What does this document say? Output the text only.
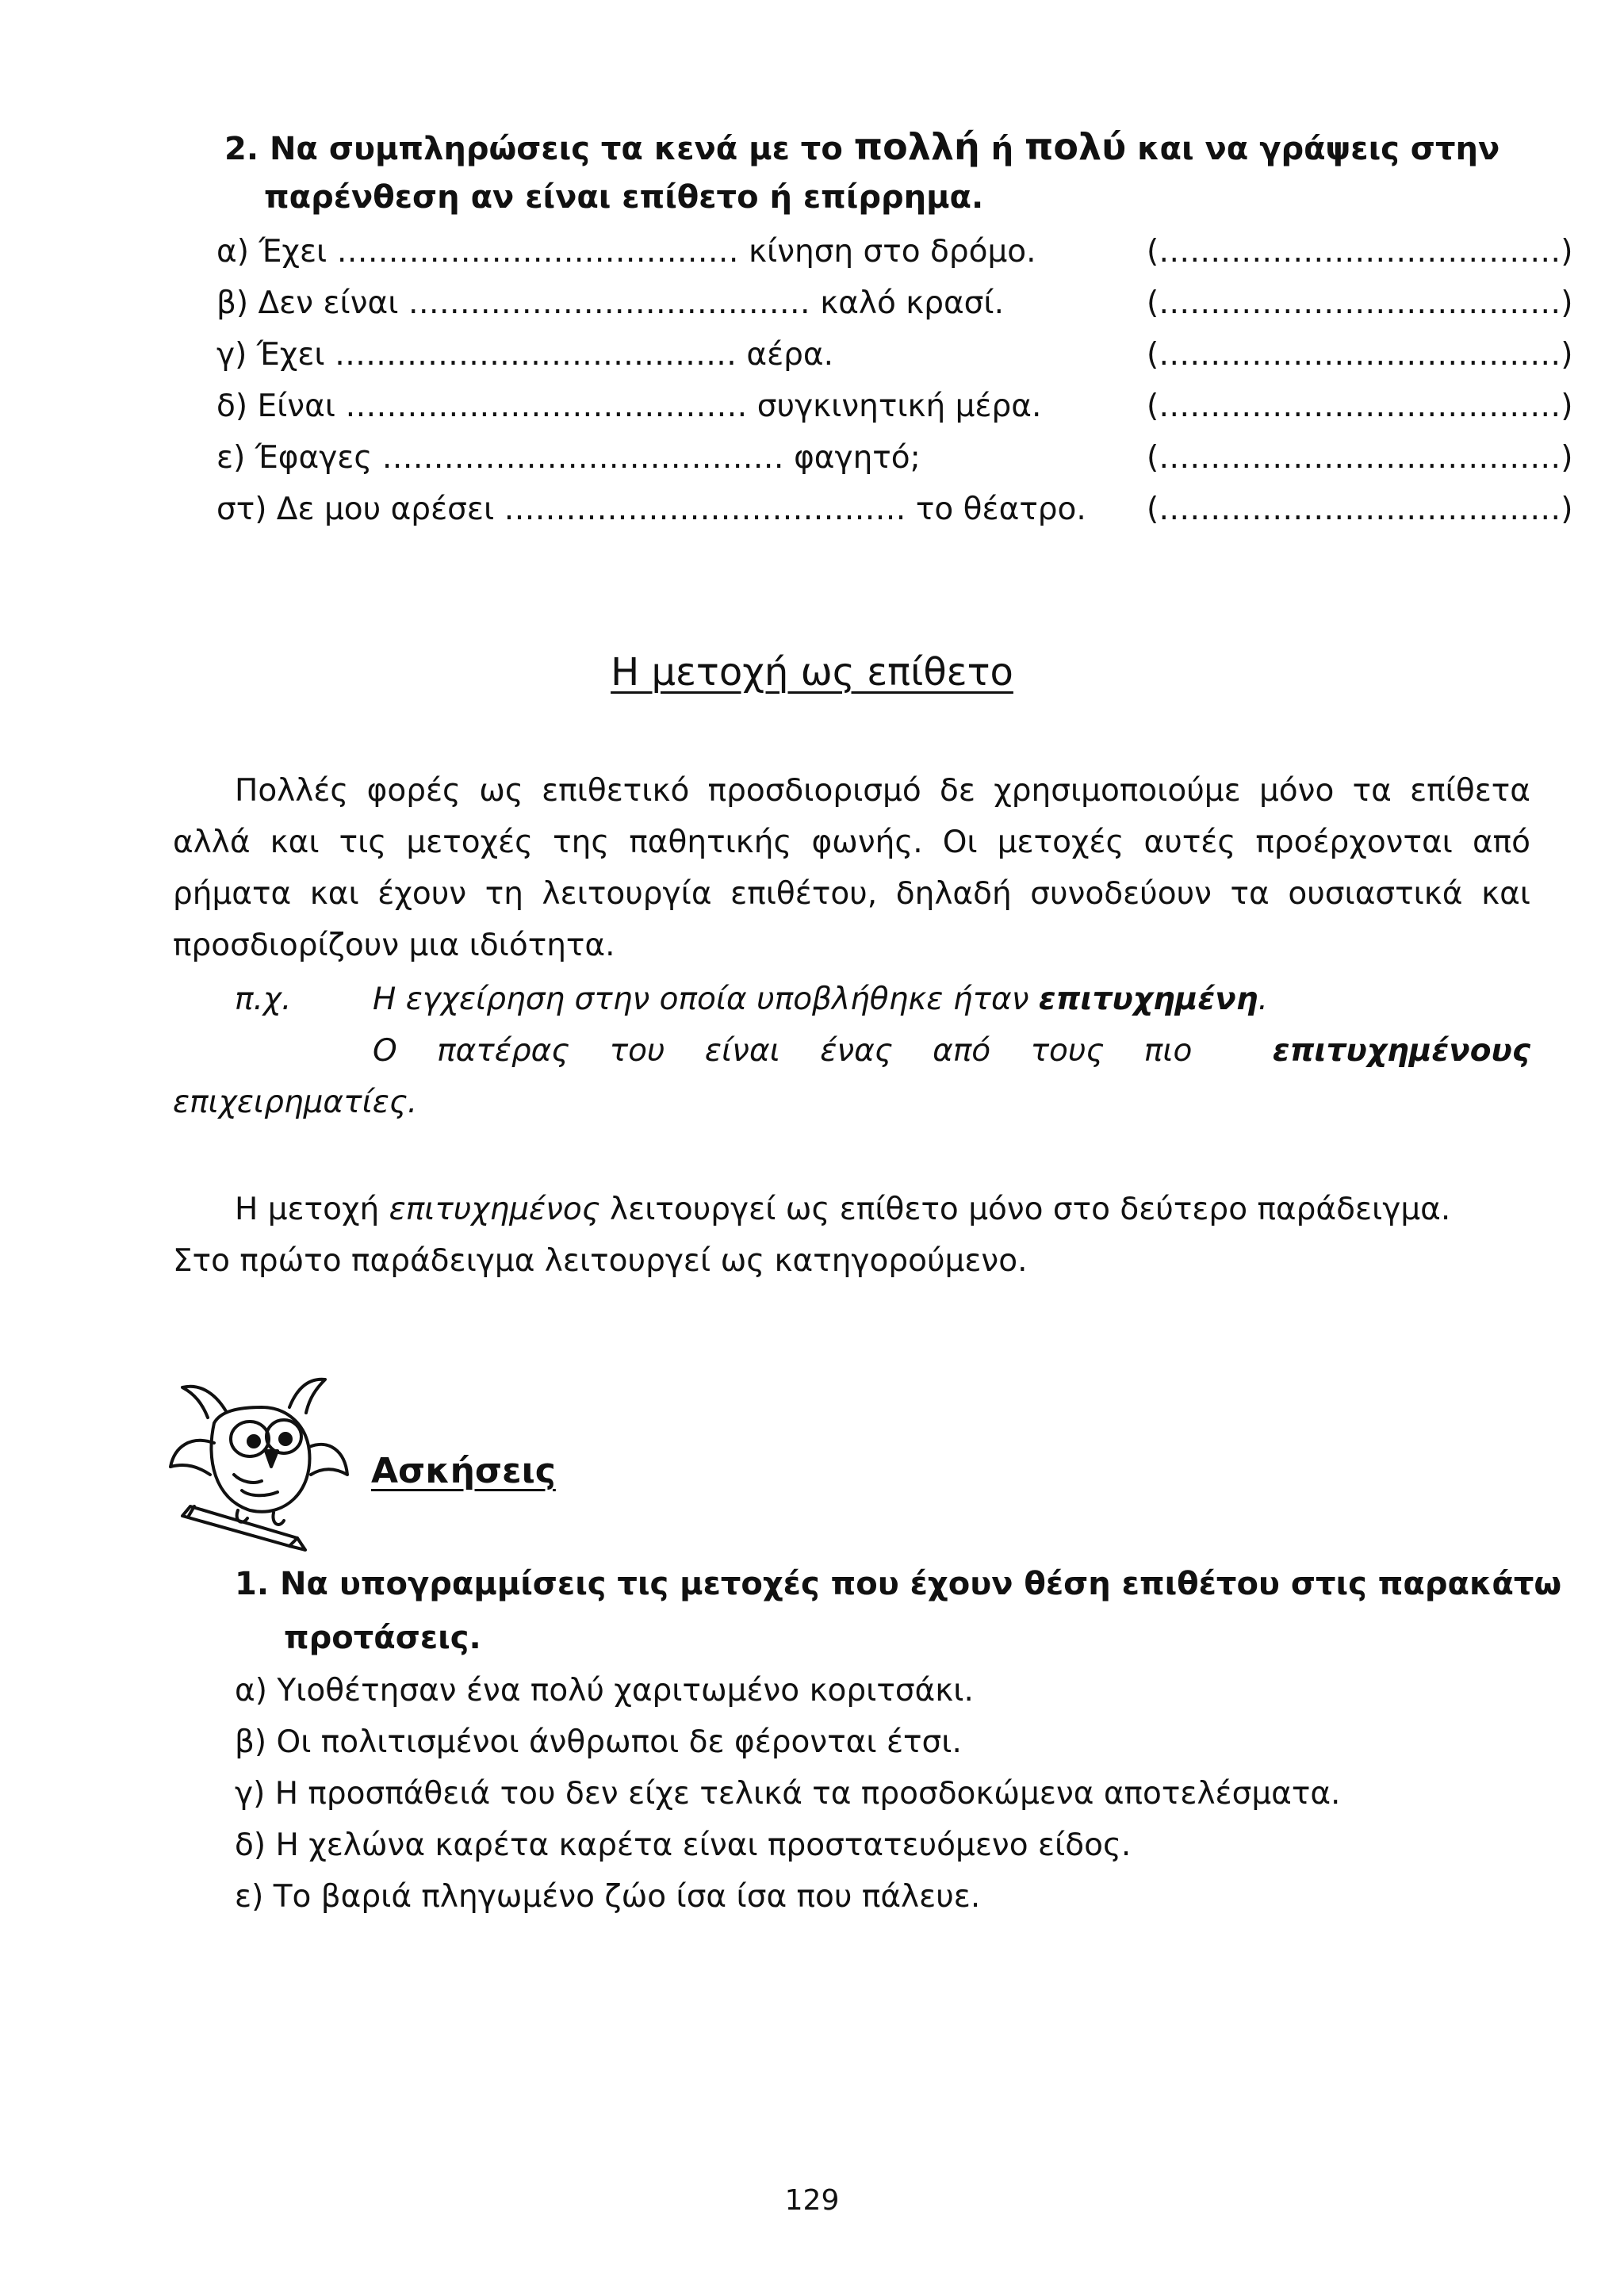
2. Να συμπληρώσεις τα κενά με το πολλή ή πολύ και να γράψεις στην
παρένθεση αν είναι επίθετο ή επίρρημα.
α) Έχει ………………………………… κίνηση στο δρόμο.	(…………………………………)
β) Δεν είναι ………………………………… καλό κρασί.	(…………………………………)
γ) Έχει ………………………………… αέρα.	(…………………………………)
δ) Είναι ………………………………… συγκινητική μέρα.	(…………………………………)
ε) Έφαγες ………………………………… φαγητό;	(…………………………………)
στ) Δε μου αρέσει ………………………………… το θέατρο. (…………………………………)
Η μετοχή ως επίθετο
Πολλές φορές ως επιθετικό προσδιορισμό δε χρησιμοποιούμε μόνο τα επίθετα
αλλά και τις μετοχές της παθητικής φωνής. Οι μετοχές αυτές προέρχονται από
ρήματα και έχουν τη λειτουργία επιθέτου, δηλαδή συνοδεύουν τα ουσιαστικά και
προσδιορίζουν μια ιδιότητα.
π.χ.	Η εγχείρηση στην οποία υποβλήθηκε ήταν επιτυχημένη.
Ο πατέρας του είναι ένας από τους πιο	επιτυχημένους
επιχειρηματίες.
Η μετοχή επιτυχημένος λειτουργεί ως επίθετο μόνο στο δεύτερο παράδειγμα.
Στο πρώτο παράδειγμα λειτουργεί ως κατηγορούμενο.
Ασκήσεις
1. Να υπογραμμίσεις τις μετοχές που έχουν θέση επιθέτου στις παρακάτω
προτάσεις.
α) Υιοθέτησαν ένα πολύ χαριτωμένο κοριτσάκι.
β) Οι πολιτισμένοι άνθρωποι δε φέρονται έτσι.
γ) Η προσπάθειά του δεν είχε τελικά τα προσδοκώμενα αποτελέσματα.
δ) Η χελώνα καρέτα καρέτα είναι προστατευόμενο είδος.
ε) Το βαριά πληγωμένο ζώο ίσα ίσα που πάλευε.
129
